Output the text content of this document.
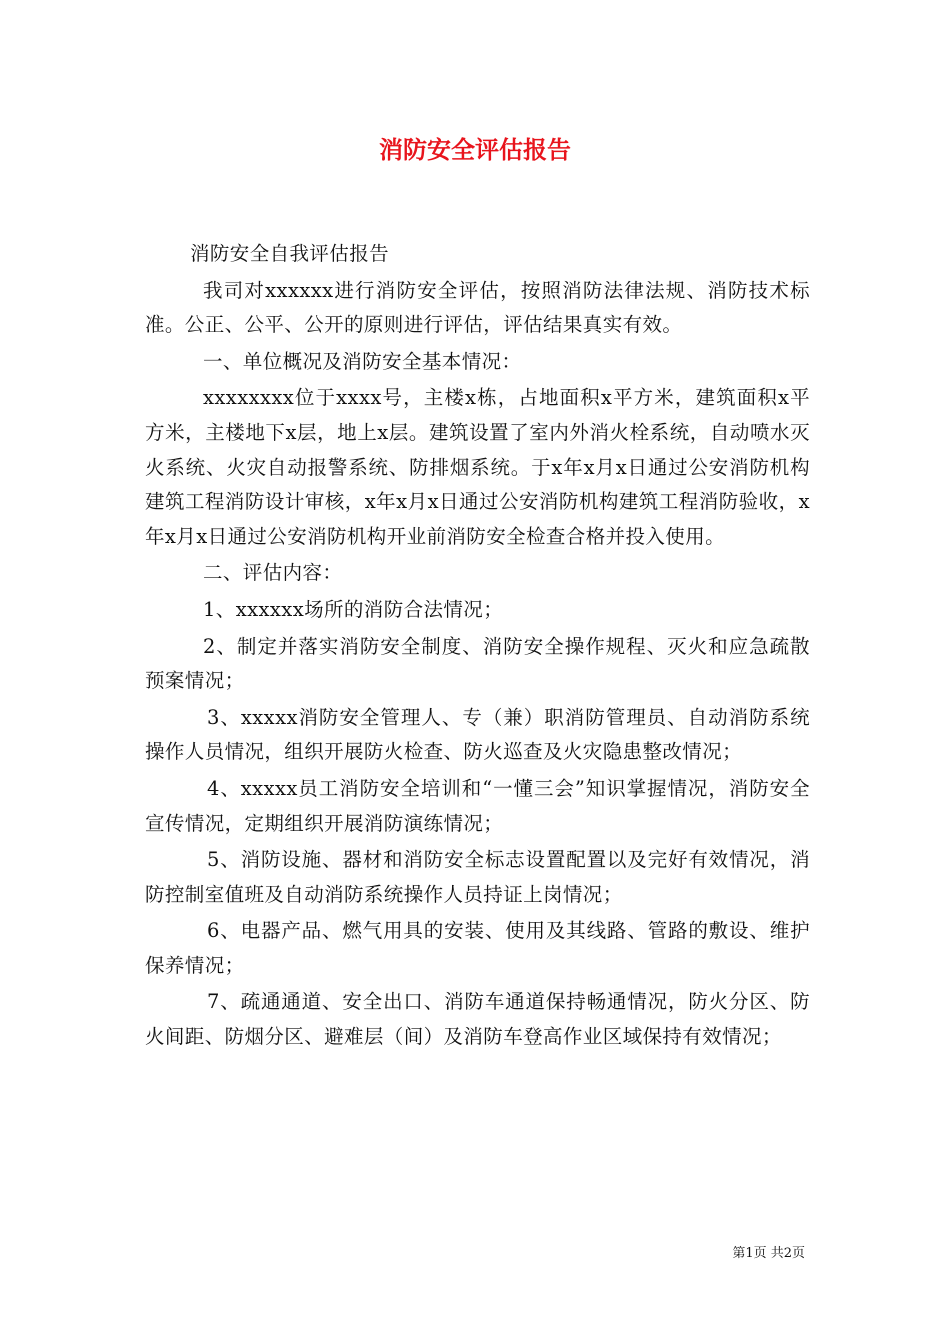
消防安全评估报告

消防安全自我评估报告

我司对xxxxxx进行消防安全评估，按照消防法律法规、消防技术标准。公正、公平、公开的原则进行评估，评估结果真实有效。

一、单位概况及消防安全基本情况：

xxxxxxxx位于xxxx号，主楼x栋，占地面积x平方米，建筑面积x平方米，主楼地下x层，地上x层。建筑设置了室内外消火栓系统，自动喷水灭火系统、火灾自动报警系统、防排烟系统。于x年x月x日通过公安消防机构建筑工程消防设计审核，x年x月x日通过公安消防机构建筑工程消防验收，x年x月x日通过公安消防机构开业前消防安全检查合格并投入使用。

二、评估内容：

1、xxxxxx场所的消防合法情况；

2、制定并落实消防安全制度、消防安全操作规程、灭火和应急疏散预案情况；

3、xxxxx消防安全管理人、专（兼）职消防管理员、自动消防系统操作人员情况，组织开展防火检查、防火巡查及火灾隐患整改情况；

4、xxxxx员工消防安全培训和“一懂三会”知识掌握情况，消防安全宣传情况，定期组织开展消防演练情况；

5、消防设施、器材和消防安全标志设置配置以及完好有效情况，消防控制室值班及自动消防系统操作人员持证上岗情况；

6、电器产品、燃气用具的安装、使用及其线路、管路的敷设、维护保养情况；

7、疏通通道、安全出口、消防车通道保持畅通情况，防火分区、防火间距、防烟分区、避难层（间）及消防车登高作业区域保持有效情况；

第1页 共2页
